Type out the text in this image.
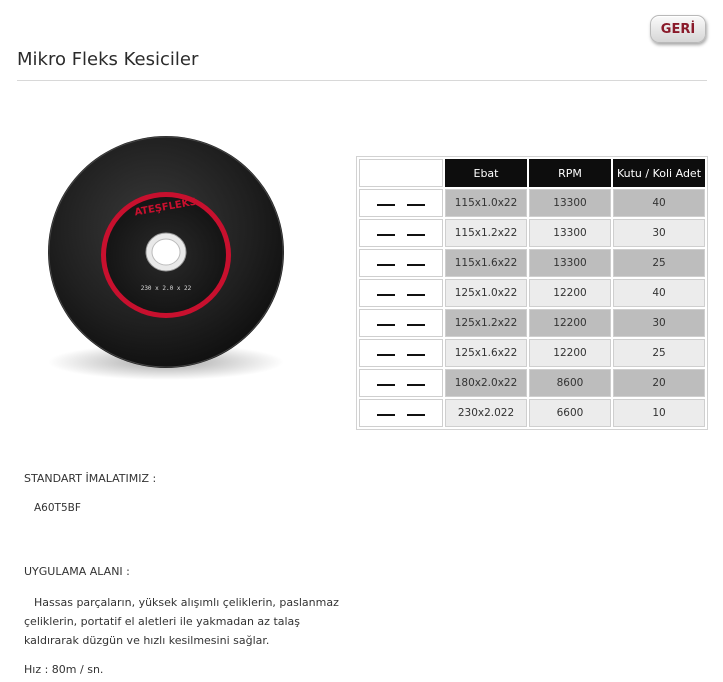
GERİ
Mikro Fleks Kesiciler
ATEŞFLEKS
230 x 2.0 x 22
	Ebat	RPM	Kutu / Koli Adet

	115x1.0x22	13300	40

	115x1.2x22	13300	30

	115x1.6x22	13300	25

	125x1.0x22	12200	40

	125x1.2x22	12200	30

	125x1.6x22	12200	25

	180x2.0x22	8600	20

	230x2.022	6600	10

STANDART İMALATIMIZ :

A60T5BF

UYGULAMA ALANI :

Hassas parçaların, yüksek alışımlı çeliklerin, paslanmaz çeliklerin, portatif el aletleri ile yakmadan az talaş kaldırarak düzgün ve hızlı kesilmesini sağlar.

Hız : 80m / sn.
